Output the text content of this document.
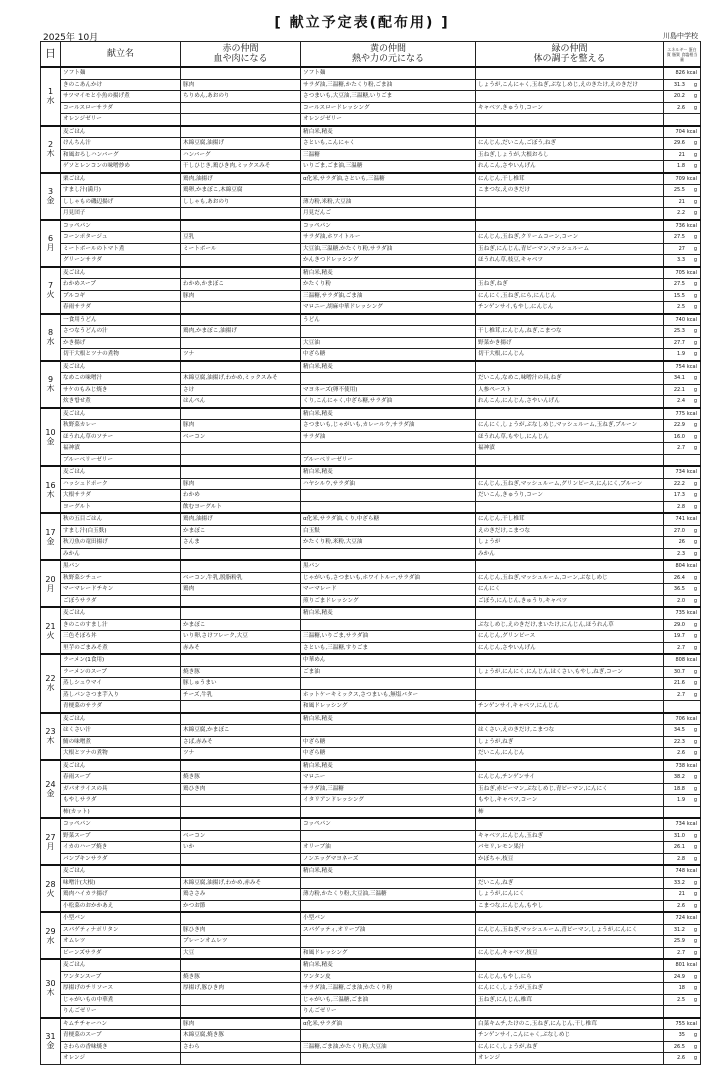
[ 献立予定表(配布用) ]
2025年 10月	川島中学校
日	献立名	赤の仲間
血や肉になる	黄の仲間
熱や力の元になる	緑の仲間
体の調子を整える	エネルギー 蛋白質 脂質 食塩相当量

1
水	ソフト麺		ソフト麺		826 kcal
	きのこあんかけ	豚肉	サラダ油,三温糖,かたくり粉,ごま油	しょうが,こんにゃく,玉ねぎ,ぶなしめじ,えのきたけ,えのきだけ	31.3 g
	サツマイモと小魚の揚げ煮	ちりめん,あおのり	さつまいも,大豆油,三温糖,いりごま		20.2 g
	コールスローサラダ		コールスロードレッシング	キャベツ,きゅうり,コーン	2.6 g
	オレンジゼリー		オレンジゼリー		

2
木	麦ごはん		精白米,精麦		704 kcal
	けんちん汁	木綿豆腐,油揚げ	さといも,こんにゃく	にんじん,だいこん,ごぼう,ねぎ	29.6 g
	和風おろしハンバーグ	ハンバーグ	三温糖	玉ねぎ,しょうが,大根おろし	21 g
	ゲソとレンコンの味噌炒め	干しひじき,鶏ひき肉,ミックスみそ	いりごま,ごま油,三温糖	れんこん,さやいんげん	1.8 g

3
金	栗ごはん	鶏肉,油揚げ	α化米,サラダ油,さといも,三温糖	にんじん,干し椎茸	709 kcal
	すまし汁(満月)	鶏卵,かまぼこ,木綿豆腐		こまつな,えのきだけ	25.5 g
	ししゃもの磯辺揚げ	ししゃも,あおのり	薄力粉,米粉,大豆油		21 g
	月見団子		月見だんご		2.2 g

6
月	コッペパン		コッペパン		736 kcal
	コーンポタージュ	豆乳	サラダ油,ホワイトルー	にんじん,玉ねぎ,クリームコーン,コーン	27.5 g
	ミートボールのトマト煮	ミートボール	大豆油,三温糖,かたくり粉,サラダ油	玉ねぎ,にんじん,青ピーマン,マッシュルーム	27 g
	グリーンサラダ		かんきつドレッシング	ほうれん草,枝豆,キャベツ	3.3 g

7
火	麦ごはん		精白米,精麦		705 kcal
	わかめスープ	わかめ,かまぼこ	かたくり粉	玉ねぎ,ねぎ	27.5 g
	プルコギ	豚肉	三温糖,サラダ油,ごま油	にんにく,玉ねぎ,にら,にんじん	15.5 g
	春雨サラダ		マロニー,胡麻中華ドレッシング	チンゲンサイ,もやし,にんじん	2.5 g

8
水	一食用うどん		うどん		740 kcal
	さつなうどんの汁	鶏肉,かまぼこ,油揚げ		干し椎茸,にんじん,ねぎ,こまつな	25.3 g
	かき揚げ		大豆油	野菜かき揚げ	27.7 g
	切干大根とツナの煮物	ツナ	中ざら糖	切干大根,にんじん	1.9 g

9
木	麦ごはん		精白米,精麦		754 kcal
	なめこの味噌汁	木綿豆腐,油揚げ,わかめ,ミックスみそ		だいこん,なめこ,味噌汁の具,ねぎ	34.1 g
	サケのもみじ焼き	さけ	マヨネーズ(卵不使用)	人参ペースト	22.1 g
	炊き합せ煮	はんぺん	くり,こんにゃく,中ざら糖,サラダ油	れんこん,にんじん,さやいんげん	2.4 g

10
金	麦ごはん		精白米,精麦		775 kcal
	秋野菜カレー	豚肉	さつまいも,じゃがいも,カレールウ,サラダ油	にんにく,しょうが,ぶなしめじ,マッシュルーム,玉ねぎ,プルーン	22.9 g
	ほうれん草のソテー	ベーコン	サラダ油	ほうれん草,もやし,にんじん	16.0 g
	福神漬			福神漬	2.7 g
	ブルーベリーゼリー		ブルーベリーゼリー		

16
木	麦ごはん		精白米,精麦		734 kcal
	ハッシュドポーク	豚肉	ハヤシルウ,サラダ油	にんじん,玉ねぎ,マッシュルーム,グリンピース,にんにく,プルーン	22.2 g
	大根サラダ	わかめ		だいこん,きゅうり,コーン	17.3 g
	ヨーグルト	飲むヨーグルト			2.8 g

17
金	秋の五目ごはん	鶏肉,油揚げ	α化米,サラダ油,くり,中ざら糖	にんじん,干し椎茸	741 kcal
	すまし汁(白玉麩)	かまぼこ	白玉麩	えのきだけ,こまつな	27.0 g
	秋刀魚の竜田揚げ	さんま	かたくり粉,米粉,大豆油	しょうが	26 g
	みかん			みかん	2.3 g

20
月	黒パン		黒パン		804 kcal
	秋野菜シチュー	ベーコン,牛乳,脱脂粉乳	じゃがいも,さつまいも,ホワイトルー,サラダ油	にんじん,玉ねぎ,マッシュルーム,コーン,ぶなしめじ	26.4 g
	マーマレードチキン	鶏肉	マーマレード	にんにく	36.5 g
	ごぼうサラダ		煎りごまドレッシング	ごぼう,にんじん,きゅうり,キャベツ	2.0 g

21
火	麦ごはん		精白米,精麦		735 kcal
	きのこのすまし汁	かまぼこ		ぶなしめじ,えのきだけ,まいたけ,にんじん,ほうれん草	29.0 g
	三色そぼろ丼	いり卵,さけフレーク,大豆	三温糖,いりごま,サラダ油	にんじん,グリンピース	19.7 g
	里芋のごまみそ煮	赤みそ	さといも,三温糖,すりごま	にんじん,さやいんげん	2.7 g

22
水	ラーメン(1食用)		中華めん		808 kcal
	ラーメンのスープ	焼き豚	ごま油	しょうが,にんにく,にんじん,はくさい,もやし,ねぎ,コーン	30.7 g
	蒸しシュウマイ	豚しゅうまい			21.6 g
	蒸しパンさつま芋入り	チーズ,牛乳	ホットケーキミックス,さつまいも,無塩バター		2.7 g
	青梗菜のサラダ		和風ドレッシング	チンゲンサイ,キャベツ,にんじん	

23
木	麦ごはん		精白米,精麦		706 kcal
	はくさい汁	木綿豆腐,かまぼこ		はくさい,えのきだけ,こまつな	34.5 g
	鯖の味噌煮	さば,赤みそ	中ざら糖	しょうが,ねぎ	22.3 g
	大根とツナの煮物	ツナ	中ざら糖	だいこん,にんじん	2.6 g

24
金	麦ごはん		精白米,精麦		738 kcal
	春雨スープ	焼き豚	マロニー	にんじん,チンゲンサイ	38.2 g
	ガパオライスの具	鶏ひき肉	サラダ油,三温糖	玉ねぎ,赤ピーマン,ぶなしめじ,青ピーマン,にんにく	18.8 g
	もやしサラダ		イタリアンドレッシング	もやし,キャベツ,コーン	1.9 g
	柿(カット)			柿	

27
月	コッペパン		コッペパン		734 kcal
	野菜スープ	ベーコン		キャベツ,にんじん,玉ねぎ	31.0 g
	イカのハーブ焼き	いか	オリーブ油	パセリ,レモン果汁	26.1 g
	パンプキンサラダ		ノンエッグマヨネーズ	かぼちゃ,枝豆	2.8 g

28
火	麦ごはん		精白米,精麦		748 kcal
	味噌汁(大根)	木綿豆腐,油揚げ,わかめ,赤みそ		だいこん,ねぎ	33.2 g
	鶏肉ハイカラ揚げ	鶏ささみ	薄力粉,かたくり粉,大豆油,三温糖	しょうが,にんにく	21 g
	小松菜のおかかあえ	かつお節		こまつな,にんじん,もやし	2.6 g

29
水	小型パン		小型パン		724 kcal
	スパゲティナポリタン	豚ひき肉	スパゲッティ,オリーブ油	にんじん,玉ねぎ,マッシュルーム,青ピーマン,しょうが,にんにく	31.2 g
	オムレツ	プレーンオムレツ			25.9 g
	ビーンズサラダ	大豆	和風ドレッシング	にんじん,キャベツ,枝豆	2.7 g

30
木	麦ごはん		精白米,精麦		801 kcal
	ワンタンスープ	焼き豚	ワンタン皮	にんじん,もやし,にら	24.9 g
	厚揚げのチリソース	厚揚げ,豚ひき肉	サラダ油,三温糖,ごま油,かたくり粉	にんにく,しょうが,玉ねぎ	18 g
	じゃがいもの中華煮		じゃがいも,三温糖,ごま油	玉ねぎ,にんじん,椎茸	2.5 g
	りんごゼリー		りんごゼリー		

31
金	キムチチャーハン	豚肉	α化米,サラダ油	白菜キムチ,たけのこ,玉ねぎ,にんじん,干し椎茸	755 kcal
	青梗菜のスープ	木綿豆腐,焼き豚		チンゲンサイ,こんにゃく,ぶなしめじ	35 g
	さわらの香味焼き	さわら	三温糖,ごま油,かたくり粉,大豆油	にんにく,しょうが,ねぎ	26.5 g
	オレンジ			オレンジ	2.6 g
